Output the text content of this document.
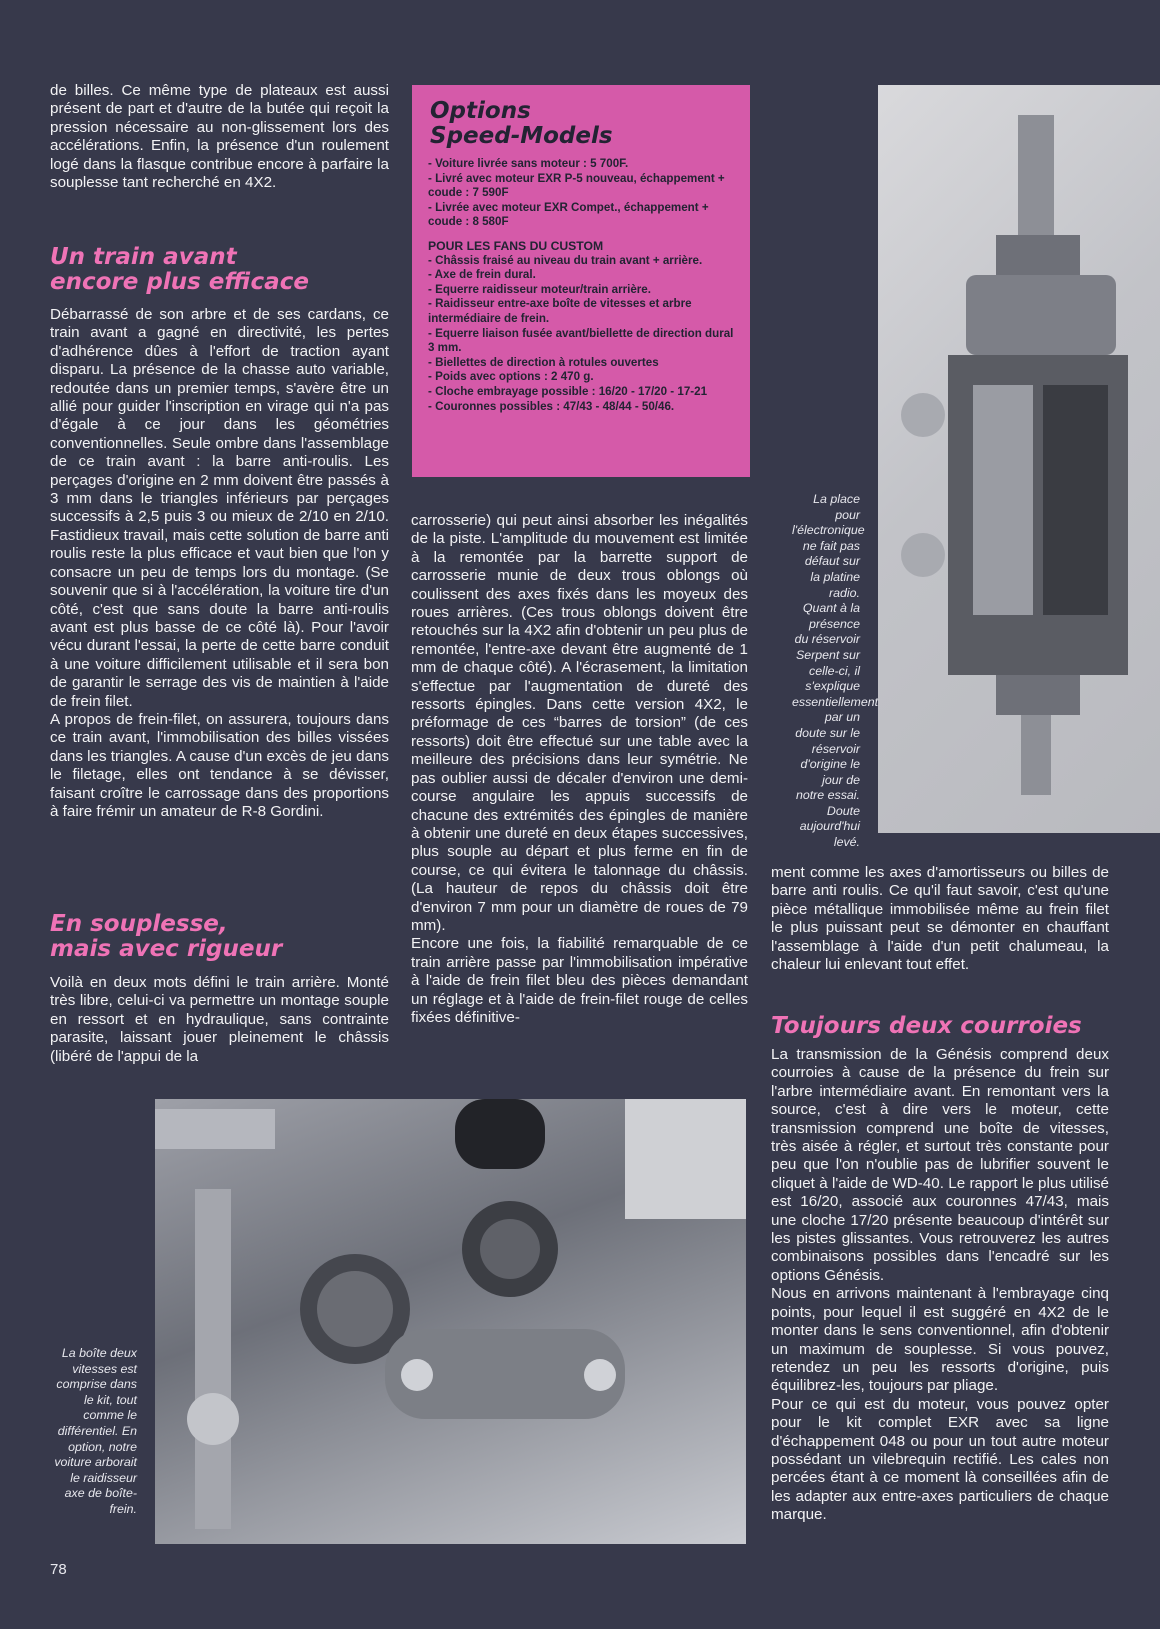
de billes. Ce même type de plateaux est aussi présent de part et d'autre de la butée qui reçoit la pression nécessaire au non-glissement lors des accélérations. Enfin, la présence d'un roulement logé dans la flasque contribue encore à parfaire la souplesse tant recherché en 4X2.

Un train avant
encore plus efficace

Débarrassé de son arbre et de ses cardans, ce train avant a gagné en directivité, les pertes d'adhérence dûes à l'effort de traction ayant disparu. La présence de la chasse auto variable, redoutée dans un premier temps, s'avère être un allié pour guider l'inscription en virage qui n'a pas d'égale à ce jour dans les géométries conventionnelles. Seule ombre dans l'assemblage de ce train avant : la barre anti-roulis. Les perçages d'origine en 2 mm doivent être passés à 3 mm dans le triangles inférieurs par perçages successifs à 2,5 puis 3 ou mieux de 2/10 en 2/10. Fastidieux travail, mais cette solution de barre anti roulis reste la plus efficace et vaut bien que l'on y consacre un peu de temps lors du montage. (Se souvenir que si à l'accélération, la voiture tire d'un côté, c'est que sans doute la barre anti-roulis avant est plus basse de ce côté là). Pour l'avoir vécu durant l'essai, la perte de cette barre conduit à une voiture difficilement utilisable et il sera bon de garantir le serrage des vis de maintien à l'aide de frein filet.

A propos de frein-filet, on assurera, toujours dans ce train avant, l'immobilisation des billes vissées dans les triangles. A cause d'un excès de jeu dans le filetage, elles ont tendance à se dévisser, faisant croître le carrossage dans des proportions à faire frémir un amateur de R-8 Gordini.

En souplesse,
mais avec rigueur

Voilà en deux mots défini le train arrière. Monté très libre, celui-ci va permettre un montage souple en ressort et en hydraulique, sans contrainte parasite, laissant jouer pleinement le châssis (libéré de l'appui de la

Options
Speed-Models

- Voiture livrée sans moteur : 5 700F.

- Livré avec moteur EXR P-5 nouveau, échappement + coude : 7 590F

- Livrée avec moteur EXR Compet., échappement + coude : 8 580F

POUR LES FANS DU CUSTOM

- Châssis fraisé au niveau du train avant + arrière.

- Axe de frein dural.

- Equerre raidisseur moteur/train arrière.

- Raidisseur entre-axe boîte de vitesses et arbre intermédiaire de frein.

- Equerre liaison fusée avant/biellette de direction dural 3 mm.

- Biellettes de direction à rotules ouvertes

- Poids avec options : 2 470 g.

- Cloche embrayage possible : 16/20 - 17/20 - 17-21

- Couronnes possibles : 47/43 - 48/44 - 50/46.

carrosserie) qui peut ainsi absorber les inégalités de la piste. L'amplitude du mouvement est limitée à la remontée par la barrette support de carrosserie munie de deux trous oblongs où coulissent des axes fixés dans les moyeux des roues arrières. (Ces trous oblongs doivent être retouchés sur la 4X2 afin d'obtenir un peu plus de remontée, l'entre-axe devant être augmenté de 1 mm de chaque côté). A l'écrasement, la limitation s'effectue par l'augmentation de dureté des ressorts épingles. Dans cette version 4X2, le préformage de ces “barres de torsion” (de ces ressorts) doit être effectué sur une table avec la meilleure des précisions dans leur symétrie. Ne pas oublier aussi de décaler d'environ une demi-course angulaire les appuis successifs de chacune des extrémités des épingles de manière à obtenir une dureté en deux étapes successives, plus souple au départ et plus ferme en fin de course, ce qui évitera le talonnage du châssis. (La hauteur de repos du châssis doit être d'environ 7 mm pour un diamètre de roues de 79 mm).

Encore une fois, la fiabilité remarquable de ce train arrière passe par l'immobilisation impérative à l'aide de frein filet bleu des pièces demandant un réglage et à l'aide de frein-filet rouge de celles fixées définitive-

La place pour l'électronique ne fait pas défaut sur la platine radio. Quant à la présence du réservoir Serpent sur celle-ci, il s'explique essentiellement par un doute sur le réservoir d'origine le jour de notre essai. Doute aujourd'hui levé.

ment comme les axes d'amortisseurs ou billes de barre anti roulis. Ce qu'il faut savoir, c'est qu'une pièce métallique immobilisée même au frein filet le plus puissant peut se démonter en chauffant l'assemblage à l'aide d'un petit chalumeau, la chaleur lui enlevant tout effet.

Toujours deux courroies

La transmission de la Génésis comprend deux courroies à cause de la présence du frein sur l'arbre intermédiaire avant. En remontant vers la source, c'est à dire vers le moteur, cette transmission comprend une boîte de vitesses, très aisée à régler, et surtout très constante pour peu que l'on n'oublie pas de lubrifier souvent le cliquet à l'aide de WD-40. Le rapport le plus utilisé est 16/20, associé aux couronnes 47/43, mais une cloche 17/20 présente beaucoup d'intérêt sur les pistes glissantes. Vous retrouverez les autres combinaisons possibles dans l'encadré sur les options Génésis.

Nous en arrivons maintenant à l'embrayage cinq points, pour lequel il est suggéré en 4X2 de le monter dans le sens conventionnel, afin d'obtenir un maximum de souplesse. Si vous pouvez, retendez un peu les ressorts d'origine, puis équilibrez-les, toujours par pliage.

Pour ce qui est du moteur, vous pouvez opter pour le kit complet EXR avec sa ligne d'échappement 048 ou pour un tout autre moteur possédant un vilebrequin rectifié. Les cales non percées étant à ce moment là conseillées afin de les adapter aux entre-axes particuliers de chaque marque.

La boîte deux vitesses est comprise dans le kit, tout comme le différentiel. En option, notre voiture arborait le raidisseur axe de boîte-frein.
78
